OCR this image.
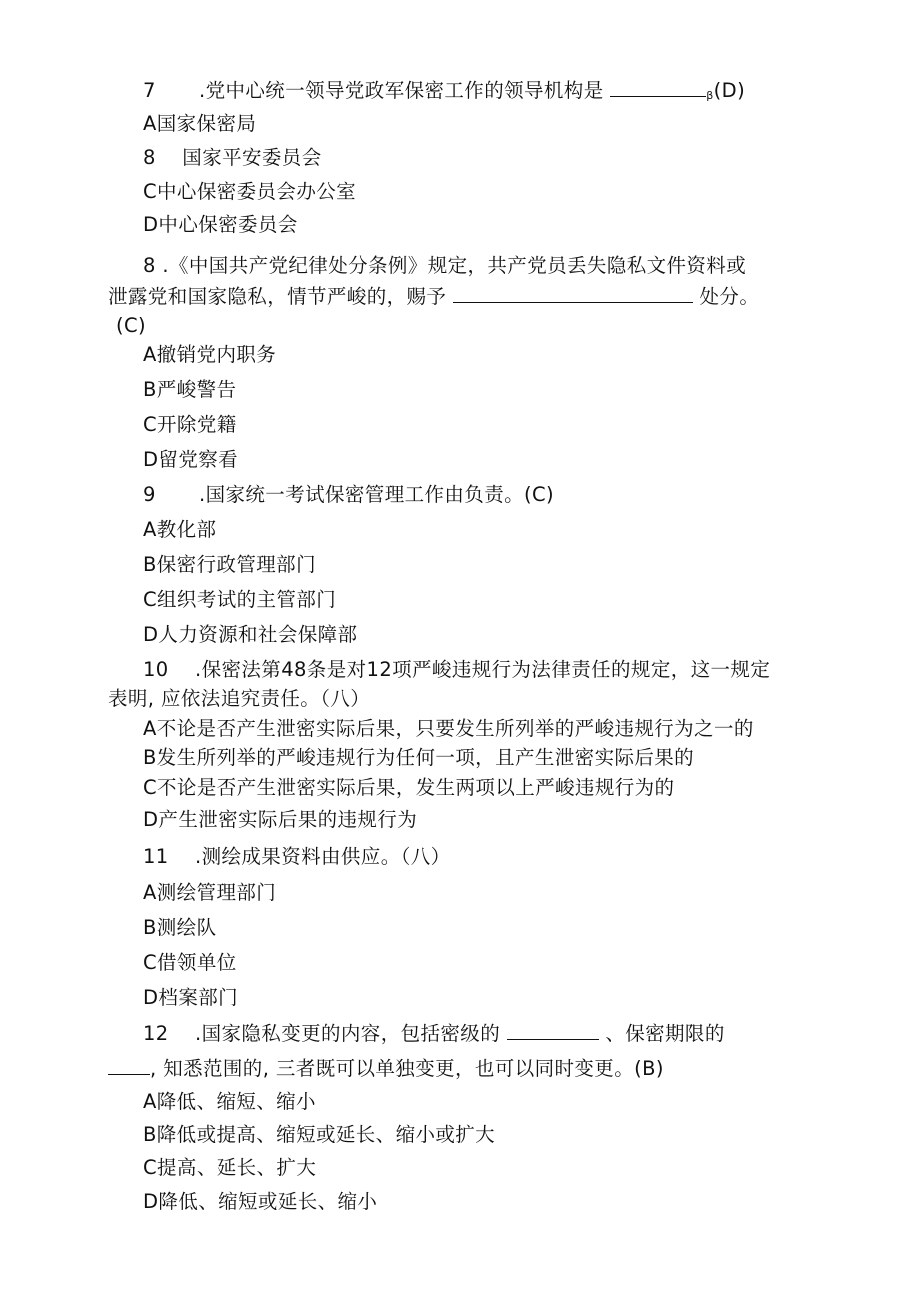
7 .党中心统一领导党政军保密工作的领导机构是	β(D)
A国家保密局
8　 国家平安委员会
C中心保密委员会办公室
D中心保密委员会
8 .《中国共产党纪律处分条例》规定，共产党员丢失隐私文件资料或
泄露党和国家隐私，情节严峻的，赐予	处分。
(C)
A撤销党内职务
B严峻警告
C开除党籍
D留党察看
9 .国家统一考试保密管理工作由负责。(C)
A教化部
B保密行政管理部门
C组织考试的主管部门
D人力资源和社会保障部
10 .保密法第48条是对12项严峻违规行为法律责任的规定，这一规定
表明, 应依法追究责任。（八）
A不论是否产生泄密实际后果，只要发生所列举的严峻违规行为之一的
B发生所列举的严峻违规行为任何一项，且产生泄密实际后果的
C不论是否产生泄密实际后果，发生两项以上严峻违规行为的
D产生泄密实际后果的违规行为
11 .测绘成果资料由供应。（八）
A测绘管理部门
B测绘队
C借领单位
D档案部门
12 .国家隐私变更的内容，包括密级的	、保密期限的
, 知悉范围的, 三者既可以单独变更，也可以同时变更。(B)
A降低、缩短、缩小
B降低或提高、缩短或延长、缩小或扩大
C提高、延长、扩大
D降低、缩短或延长、缩小
